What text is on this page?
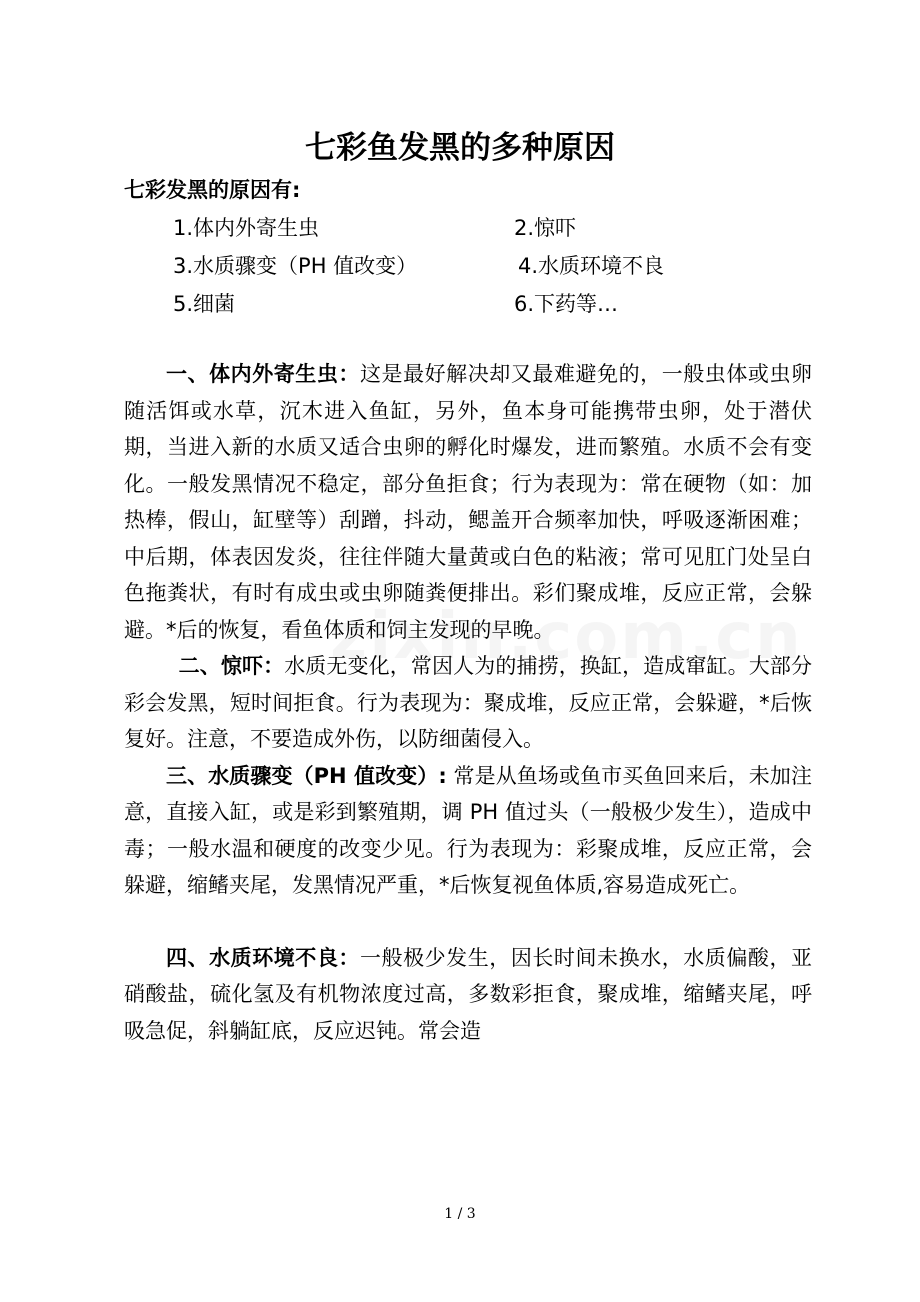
七彩鱼发黑的多种原因
七彩发黑的原因有:
1.体内外寄生虫	2.惊吓
3.水质骤变（PH 值改变）	4.水质环境不良
5.细菌	6.下药等…

一、体内外寄生虫：这是最好解决却又最难避免的，一般虫体或虫卵随活饵或水草，沉木进入鱼缸，另外，鱼本身可能携带虫卵，处于潜伏期，当进入新的水质又适合虫卵的孵化时爆发，进而繁殖。水质不会有变化。一般发黑情况不稳定，部分鱼拒食；行为表现为：常在硬物（如：加热棒，假山，缸壁等）刮蹭，抖动，鳃盖开合频率加快，呼吸逐渐困难；中后期，体表因发炎，往往伴随大量黄或白色的粘液；常可见肛门处呈白色拖粪状，有时有成虫或虫卵随粪便排出。彩们聚成堆，反应正常，会躲避。*后的恢复，看鱼体质和饲主发现的早晚。

二、惊吓：水质无变化，常因人为的捕捞，换缸，造成窜缸。大部分彩会发黑，短时间拒食。行为表现为：聚成堆，反应正常，会躲避，*后恢复好。注意，不要造成外伤，以防细菌侵入。

三、水质骤变（PH 值改变）: 常是从鱼场或鱼市买鱼回来后，未加注意，直接入缸，或是彩到繁殖期，调 PH 值过头（一般极少发生），造成中毒；一般水温和硬度的改变少见。行为表现为：彩聚成堆，反应正常，会躲避，缩鳍夹尾，发黑情况严重，*后恢复视鱼体质,容易造成死亡。

四、水质环境不良：一般极少发生，因长时间未换水，水质偏酸，亚硝酸盐，硫化氢及有机物浓度过高，多数彩拒食，聚成堆，缩鳍夹尾，呼吸急促，斜躺缸底，反应迟钝。常会造

1 / 3
